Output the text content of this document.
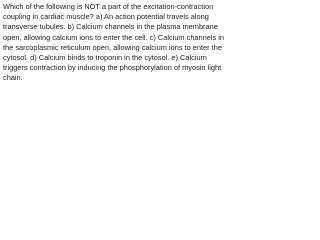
Which of the following is NOT a part of the excitation-contraction coupling in cardiac muscle? a) An action potential travels along transverse tubules. b) Calcium channels in the plasma membrane open, allowing calcium ions to enter the cell. c) Calcium channels in the sarcoplasmic reticulum open, allowing calcium ions to enter the cytosol. d) Calcium binds to troponin in the cytosol. e) Calcium triggers contraction by inducing the phosphorylation of myosin light chain.
